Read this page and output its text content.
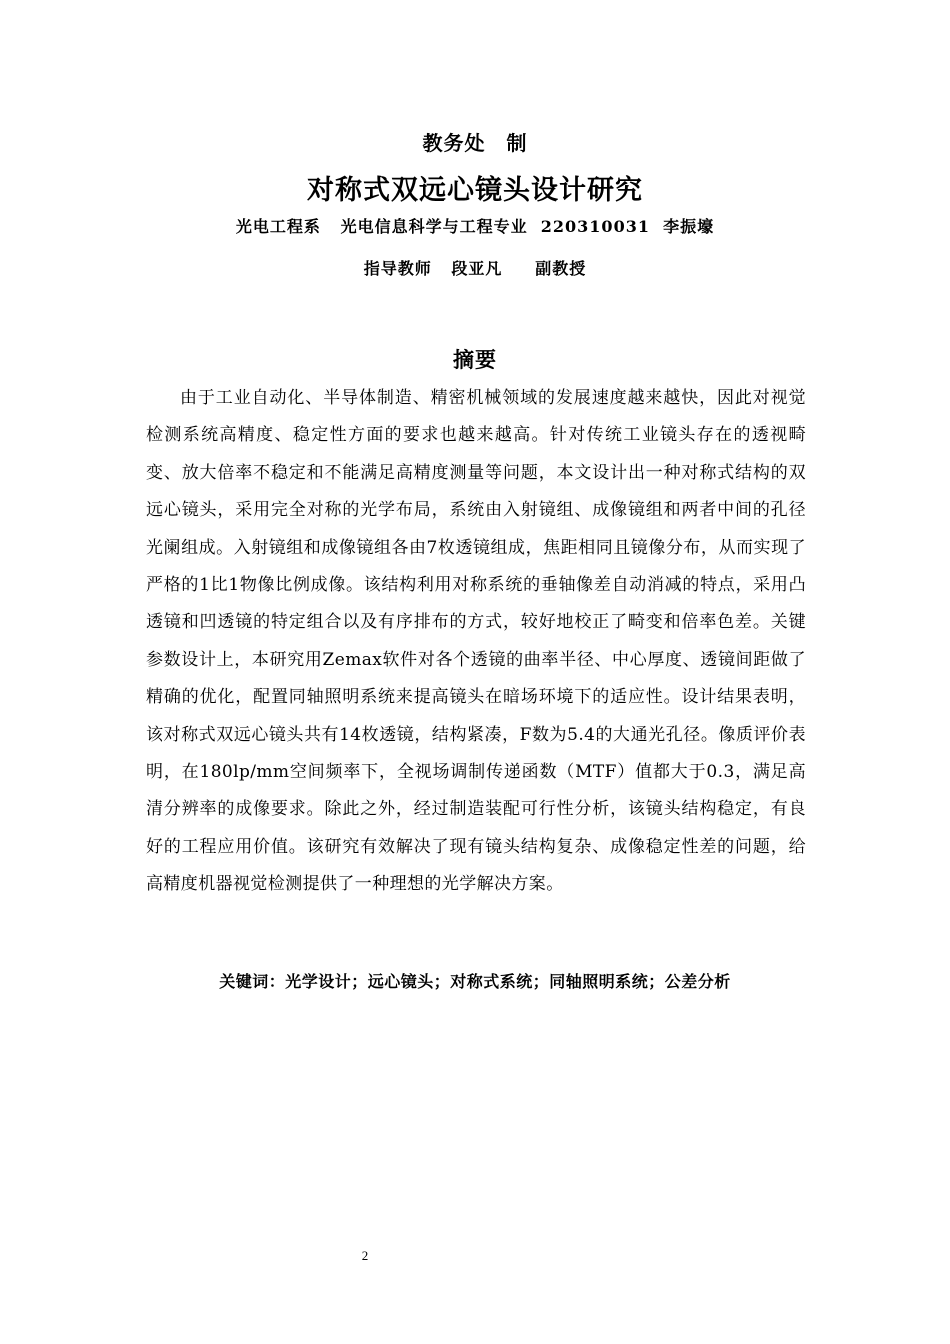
教务处　制
对称式双远心镜头设计研究
光电工程系 光电信息科学与工程专业 220310031 李振壕
指导教师 段亚凡 副教授
摘要
由于工业自动化、半导体制造、精密机械领域的发展速度越来越快，因此对视觉检测系统高精度、稳定性方面的要求也越来越高。针对传统工业镜头存在的透视畸变、放大倍率不稳定和不能满足高精度测量等问题，本文设计出一种对称式结构的双远心镜头，采用完全对称的光学布局，系统由入射镜组、成像镜组和两者中间的孔径光阑组成。入射镜组和成像镜组各由7枚透镜组成，焦距相同且镜像分布，从而实现了严格的1比1物像比例成像。该结构利用对称系统的垂轴像差自动消减的特点，采用凸透镜和凹透镜的特定组合以及有序排布的方式，较好地校正了畸变和倍率色差。关键参数设计上，本研究用Zemax软件对各个透镜的曲率半径、中心厚度、透镜间距做了精确的优化，配置同轴照明系统来提高镜头在暗场环境下的适应性。设计结果表明，该对称式双远心镜头共有14枚透镜，结构紧凑，F数为5.4的大通光孔径。像质评价表明，在180lp/mm空间频率下，全视场调制传递函数（MTF）值都大于0.3，满足高清分辨率的成像要求。除此之外，经过制造装配可行性分析，该镜头结构稳定，有良好的工程应用价值。该研究有效解决了现有镜头结构复杂、成像稳定性差的问题，给高精度机器视觉检测提供了一种理想的光学解决方案。
关键词：光学设计；远心镜头；对称式系统；同轴照明系统；公差分析
2
